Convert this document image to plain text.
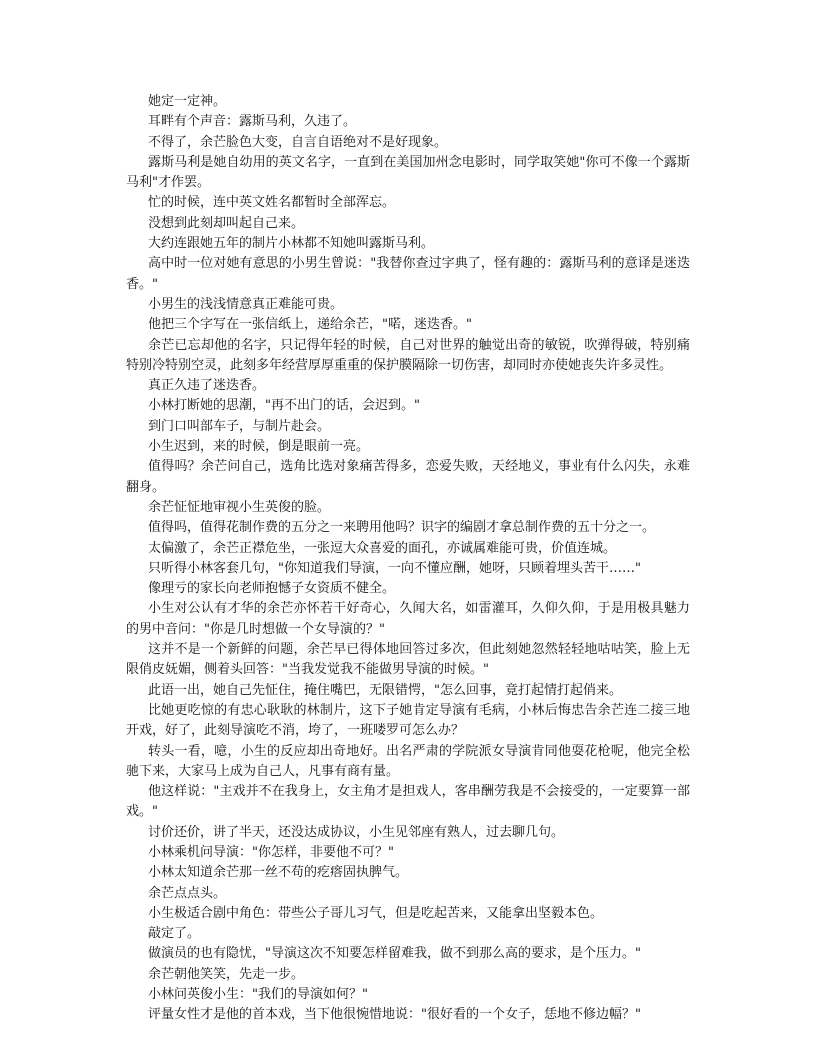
她定一定神。

耳畔有个声音：露斯马利，久违了。

不得了，余芒脸色大变，自言自语绝对不是好现象。

露斯马利是她自幼用的英文名字，一直到在美国加州念电影时，同学取笑她"你可不像一个露斯马利"才作罢。

忙的时候，连中英文姓名都暂时全部浑忘。

没想到此刻却叫起自己来。

大约连跟她五年的制片小林都不知她叫露斯马利。

高中时一位对她有意思的小男生曾说："我替你查过字典了，怪有趣的：露斯马利的意译是迷迭香。"

小男生的浅浅情意真正难能可贵。

他把三个字写在一张信纸上，递给余芒，"喏，迷迭香。"

余芒已忘却他的名字，只记得年轻的时候，自己对世界的触觉出奇的敏锐，吹弹得破，特别痛特别冷特别空灵，此刻多年经营厚厚重重的保护膜隔除一切伤害，却同时亦使她丧失许多灵性。

真正久违了迷迭香。

小林打断她的思潮，"再不出门的话，会迟到。"

到门口叫部车子，与制片赴会。

小生迟到，来的时候，倒是眼前一亮。

值得吗？余芒问自己，选角比选对象痛苦得多，恋爱失败，天经地义，事业有什么闪失，永难翻身。

余芒怔怔地审视小生英俊的脸。

值得吗，值得花制作费的五分之一来聘用他吗？识字的编剧才拿总制作费的五十分之一。

太偏激了，余芒正襟危坐，一张逗大众喜爱的面孔，亦诚属难能可贵，价值连城。

只听得小林客套几句，"你知道我们导演，一向不懂应酬，她呀，只顾着埋头苦干……"

像理亏的家长向老师抱憾子女资质不健全。

小生对公认有才华的余芒亦怀若干好奇心，久闻大名，如雷灌耳，久仰久仰，于是用极具魅力的男中音问："你是几时想做一个女导演的？"

这并不是一个新鲜的问题，余芒早已得体地回答过多次，但此刻她忽然轻轻地咕咕笑，脸上无限俏皮妩媚，侧着头回答："当我发觉我不能做男导演的时候。"

此语一出，她自己先怔住，掩住嘴巴，无限错愕，"怎么回事，竟打起情打起俏来。

比她更吃惊的有忠心耿耿的林制片，这下子她肯定导演有毛病，小林后悔忠告余芒连二接三地开戏，好了，此刻导演吃不消，垮了，一班喽罗可怎么办？

转头一看，噫，小生的反应却出奇地好。出名严肃的学院派女导演肯同他耍花枪呢，他完全松驰下来，大家马上成为自己人，凡事有商有量。

他这样说："主戏并不在我身上，女主角才是担戏人，客串酬劳我是不会接受的，一定要算一部戏。"

讨价还价，讲了半天，还没达成协议，小生见邻座有熟人，过去聊几句。

小林乘机问导演："你怎样，非要他不可？"

小林太知道余芒那一丝不苟的疙瘩固执脾气。

余芒点点头。

小生极适合剧中角色：带些公子哥儿习气，但是吃起苦来，又能拿出坚毅本色。

敲定了。

做演员的也有隐忧，"导演这次不知要怎样留难我，做不到那么高的要求，是个压力。"

余芒朝他笑笑，先走一步。

小林问英俊小生："我们的导演如何？"

评量女性才是他的首本戏，当下他很惋惜地说："很好看的一个女子，恁地不修边幅？"
